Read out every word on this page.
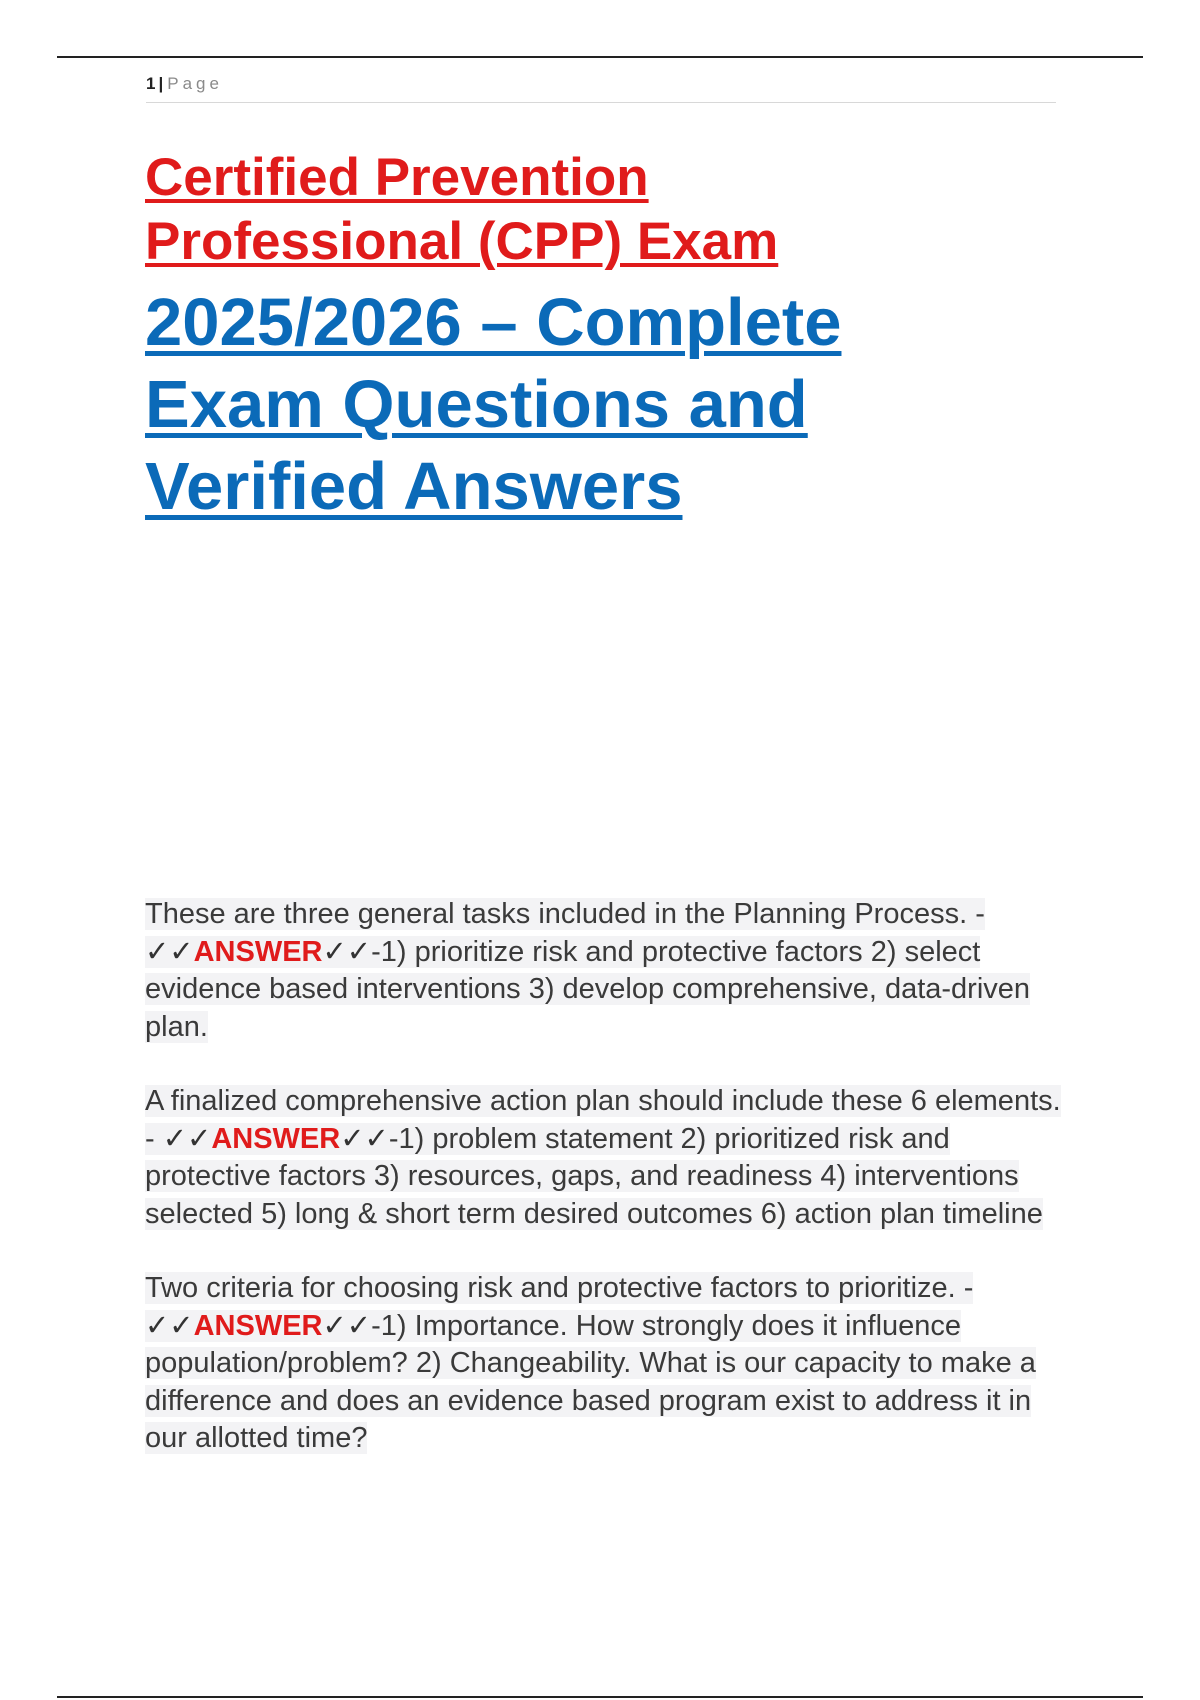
1 | Page
Certified Prevention
Professional (CPP) Exam
2025/2026 – Complete
Exam Questions and
Verified Answers

These are three general tasks included in the Planning Process. - ✓✓ANSWER✓✓-1) prioritize risk and protective factors 2) select evidence based interventions 3) develop comprehensive, data-driven plan.

A finalized comprehensive action plan should include these 6 elements. - ✓✓ANSWER✓✓-1) problem statement 2) prioritized risk and protective factors 3) resources, gaps, and readiness 4) interventions selected 5) long & short term desired outcomes 6) action plan timeline

Two criteria for choosing risk and protective factors to prioritize. - ✓✓ANSWER✓✓-1) Importance. How strongly does it influence population/problem? 2) Changeability. What is our capacity to make a difference and does an evidence based program exist to address it in our allotted time?
